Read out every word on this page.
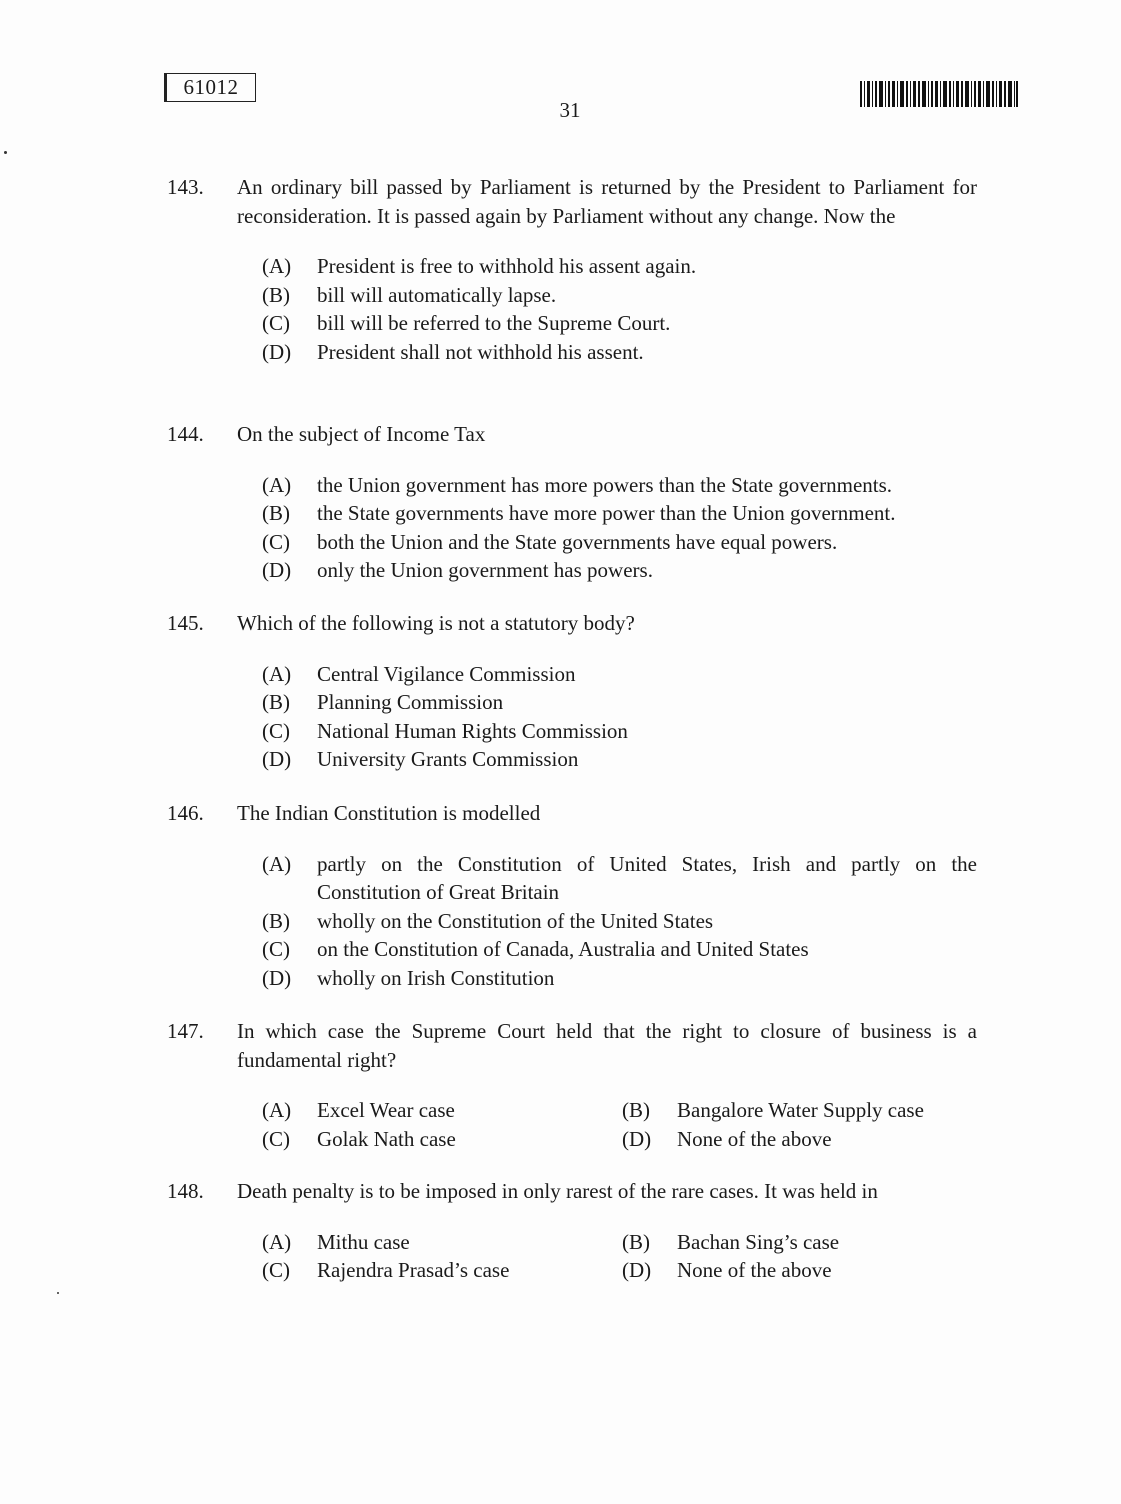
61012
31
143. An ordinary bill passed by Parliament is returned by the President to Parliament for reconsideration. It is passed again by Parliament without any change. Now the
(A)	President is free to withhold his assent again.
(B)	bill will automatically lapse.
(C)	bill will be referred to the Supreme Court.
(D)	President shall not withhold his assent.
144. On the subject of Income Tax
(A)	the Union government has more powers than the State governments.
(B)	the State governments have more power than the Union government.
(C)	both the Union and the State governments have equal powers.
(D)	only the Union government has powers.
145. Which of the following is not a statutory body?
(A)	Central Vigilance Commission
(B)	Planning Commission
(C)	National Human Rights Commission
(D)	University Grants Commission
146. The Indian Constitution is modelled
(A)	partly on the Constitution of United States, Irish and partly on the Constitution of Great Britain
(B)	wholly on the Constitution of the United States
(C)	on the Constitution of Canada, Australia and United States
(D)	wholly on Irish Constitution
147. In which case the Supreme Court held that the right to closure of business is a fundamental right?
(A)	Excel Wear case	(B)	Bangalore Water Supply case
(C)	Golak Nath case	(D)	None of the above
148. Death penalty is to be imposed in only rarest of the rare cases. It was held in
(A)	Mithu case	(B)	Bachan Sing’s case
(C)	Rajendra Prasad’s case	(D)	None of the above
